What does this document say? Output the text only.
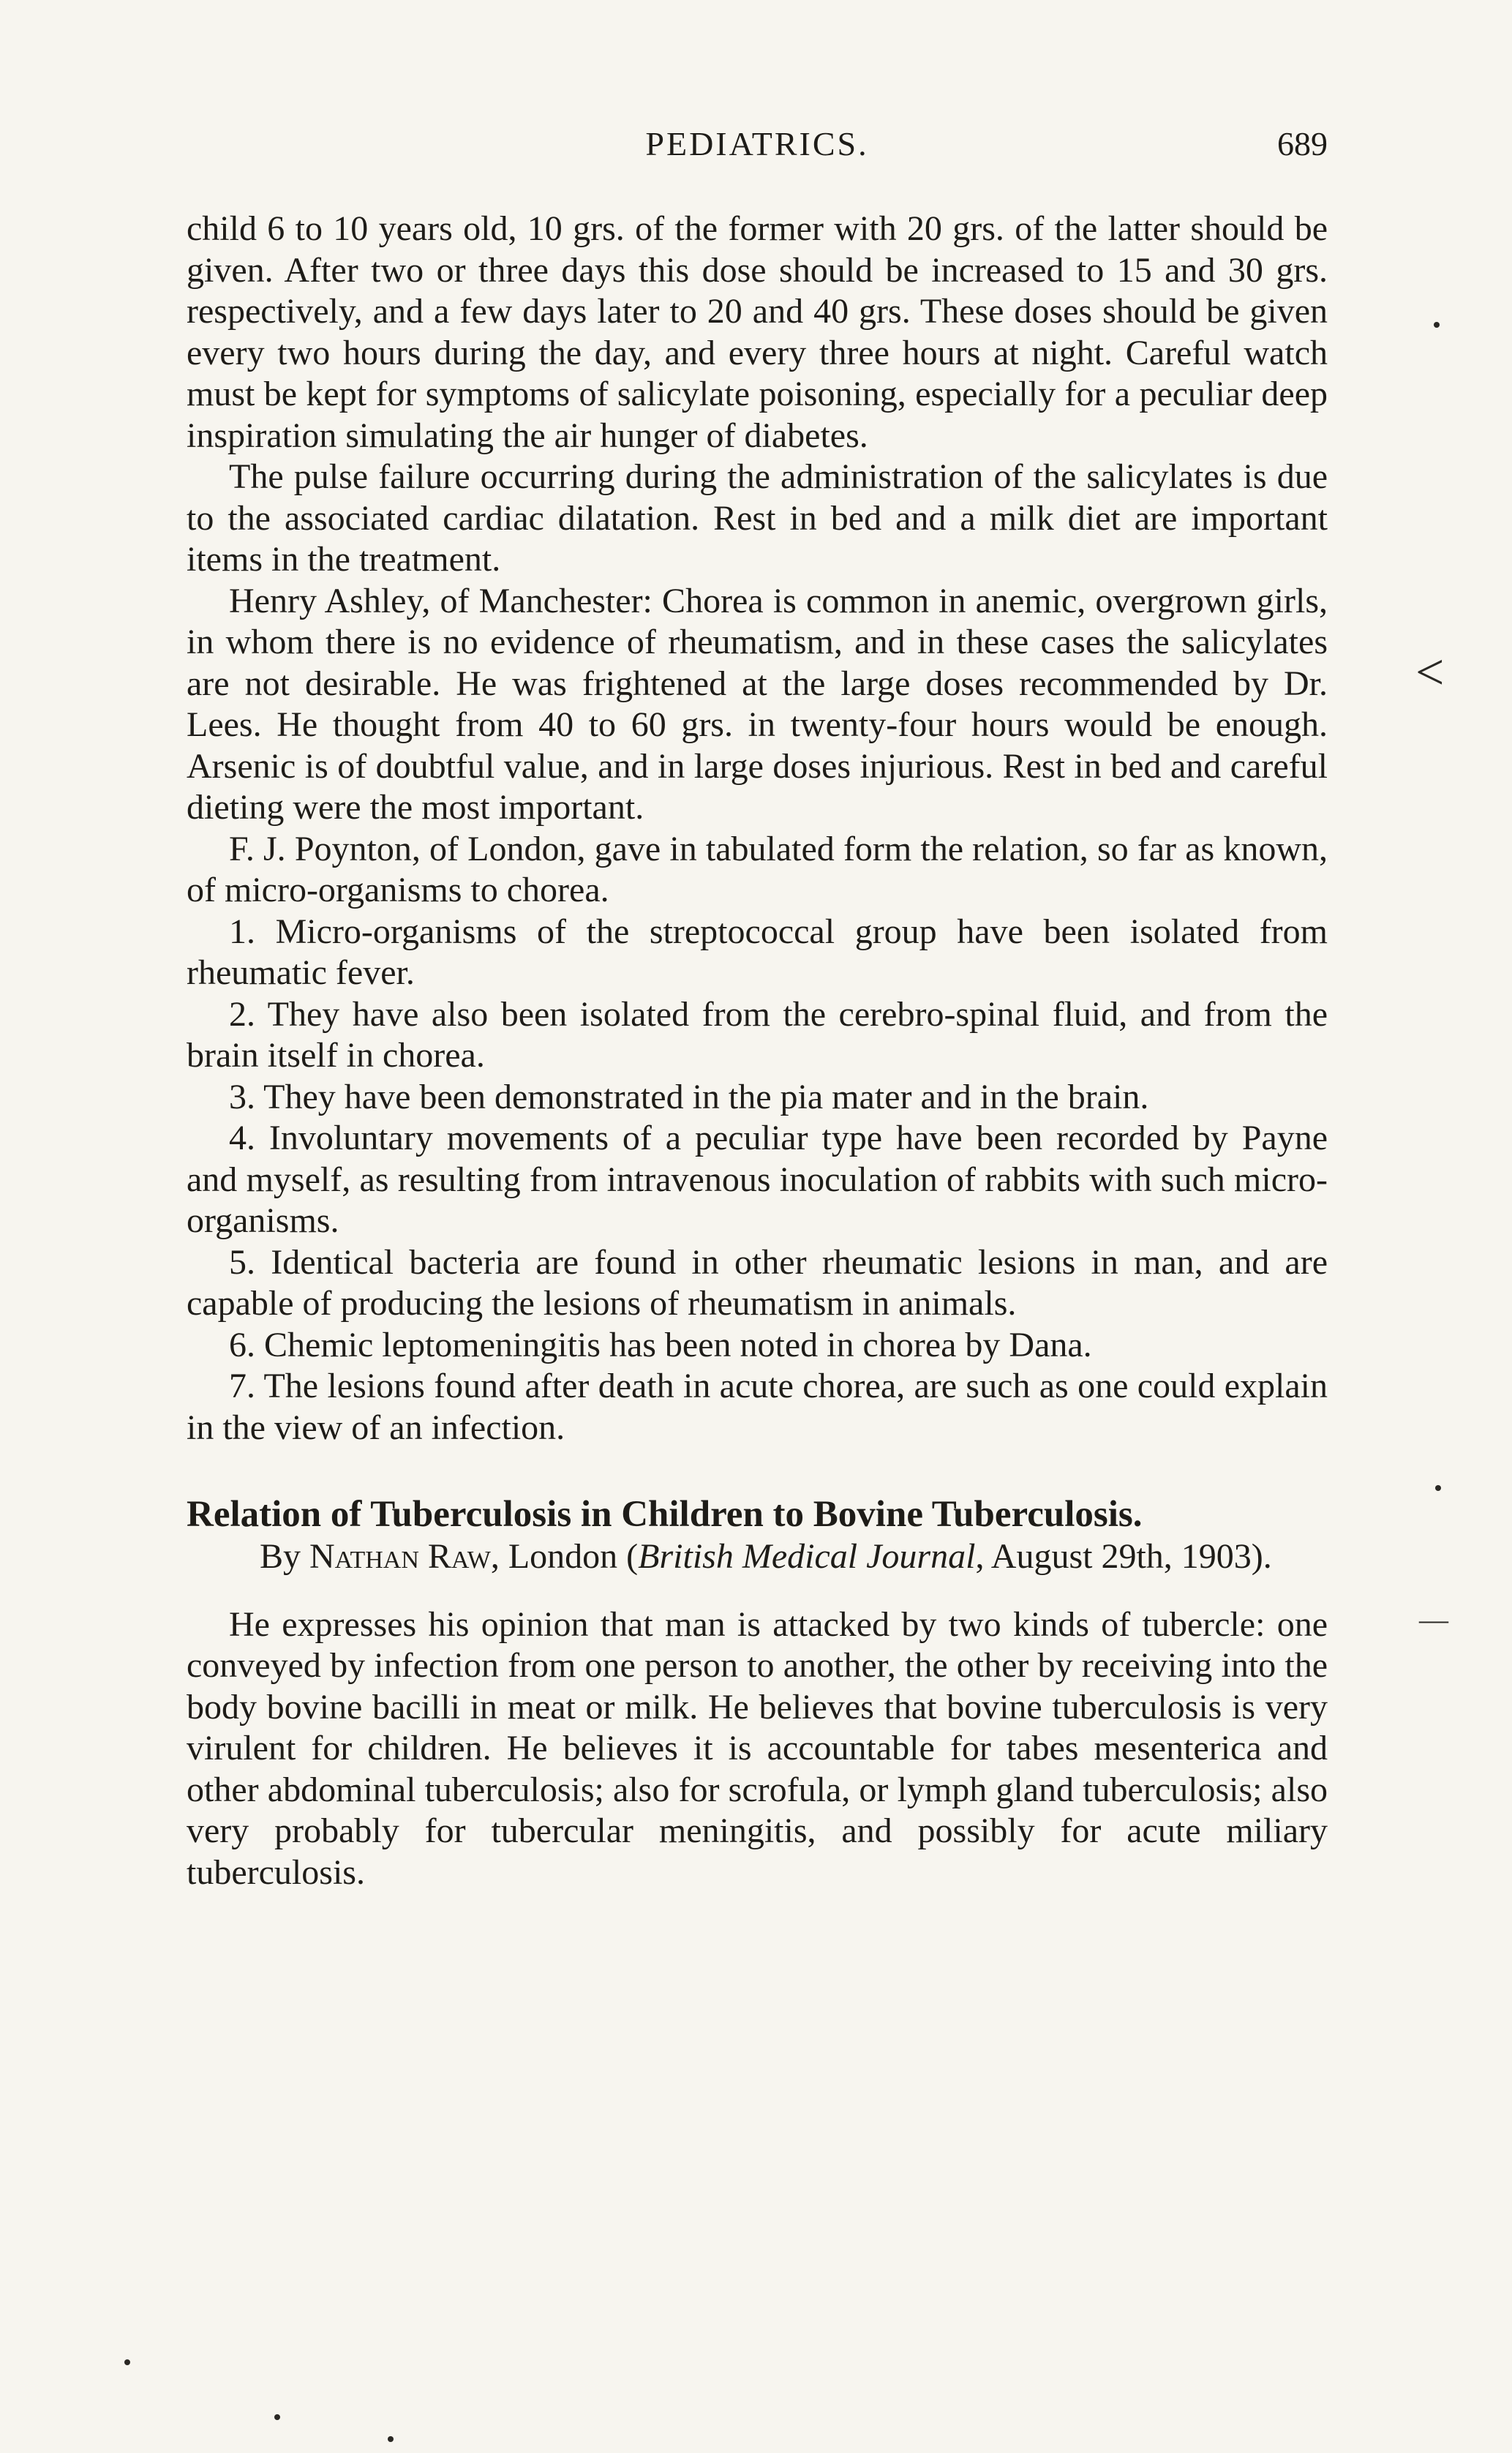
PEDIATRICS.	689

child 6 to 10 years old, 10 grs. of the former with 20 grs. of the latter should be given. After two or three days this dose should be increased to 15 and 30 grs. respectively, and a few days later to 20 and 40 grs. These doses should be given every two hours during the day, and every three hours at night. Careful watch must be kept for symptoms of salicylate poisoning, especially for a peculiar deep inspiration simulating the air hunger of diabetes.

The pulse failure occurring during the administration of the salicylates is due to the associated cardiac dilatation. Rest in bed and a milk diet are important items in the treatment.

Henry Ashley, of Manchester: Chorea is common in anemic, overgrown girls, in whom there is no evidence of rheumatism, and in these cases the salicylates are not desirable. He was frightened at the large doses recommended by Dr. Lees. He thought from 40 to 60 grs. in twenty-four hours would be enough. Arsenic is of doubtful value, and in large doses injurious. Rest in bed and careful dieting were the most important.

F. J. Poynton, of London, gave in tabulated form the relation, so far as known, of micro-organisms to chorea.

1. Micro-organisms of the streptococcal group have been isolated from rheumatic fever.

2. They have also been isolated from the cerebro-spinal fluid, and from the brain itself in chorea.

3. They have been demonstrated in the pia mater and in the brain.

4. Involuntary movements of a peculiar type have been recorded by Payne and myself, as resulting from intravenous inoculation of rabbits with such micro-organisms.

5. Identical bacteria are found in other rheumatic lesions in man, and are capable of producing the lesions of rheumatism in animals.

6. Chemic leptomeningitis has been noted in chorea by Dana.

7. The lesions found after death in acute chorea, are such as one could explain in the view of an infection.

Relation of Tuberculosis in Children to Bovine Tuberculosis.

By Nathan Raw, London (British Medical Journal, August 29th, 1903).

He expresses his opinion that man is attacked by two kinds of tubercle: one conveyed by infection from one person to another, the other by receiving into the body bovine bacilli in meat or milk. He believes that bovine tuberculosis is very virulent for children. He believes it is accountable for tabes mesenterica and other abdominal tuberculosis; also for scrofula, or lymph gland tuberculosis; also very probably for tubercular meningitis, and possibly for acute miliary tuberculosis.

<
—
